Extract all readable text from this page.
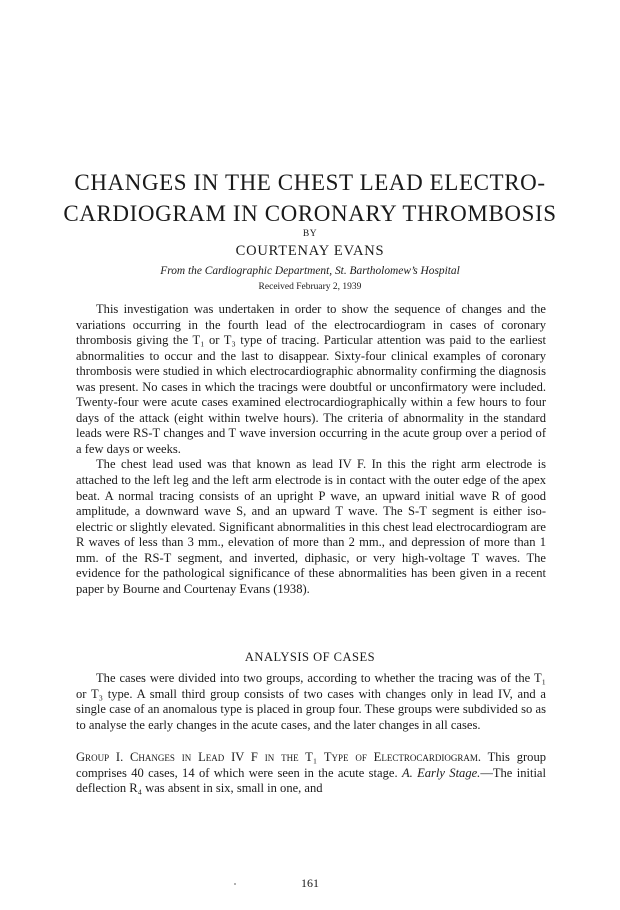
CHANGES IN THE CHEST LEAD ELECTRO-
CARDIOGRAM IN CORONARY THROMBOSIS
BY
COURTENAY EVANS
From the Cardiographic Department, St. Bartholomew’s Hospital
Received February 2, 1939

This investigation was undertaken in order to show the sequence of changes and the variations occurring in the fourth lead of the electrocardiogram in cases of coronary thrombosis giving the T₁ or T₃ type of tracing. Particular attention was paid to the earliest abnormalities to occur and the last to disappear. Sixty-four clinical examples of coronary thrombosis were studied in which electrocardiographic abnormality confirming the diagnosis was present. No cases in which the tracings were doubtful or unconfirmatory were included. Twenty-four were acute cases examined electrocardiographically within a few hours to four days of the attack (eight within twelve hours). The criteria of abnormality in the standard leads were RS-T changes and T wave inversion occurring in the acute group over a period of a few days or weeks.

The chest lead used was that known as lead IV F. In this the right arm electrode is attached to the left leg and the left arm electrode is in contact with the outer edge of the apex beat. A normal tracing consists of an upright P wave, an upward initial wave R of good amplitude, a downward wave S, and an upward T wave. The S-T segment is either iso-electric or slightly elevated. Significant abnormalities in this chest lead electrocardiogram are R waves of less than 3 mm., elevation of more than 2 mm., and depression of more than 1 mm. of the RS-T segment, and inverted, diphasic, or very high-voltage T waves. The evidence for the pathological significance of these abnormalities has been given in a recent paper by Bourne and Courtenay Evans (1938).

ANALYSIS OF CASES

The cases were divided into two groups, according to whether the tracing was of the T₁ or T₃ type. A small third group consists of two cases with changes only in lead IV, and a single case of an anomalous type is placed in group four. These groups were subdivided so as to analyse the early changes in the acute cases, and the later changes in all cases.

Group I. Changes in Lead IV F in the T₁ Type of Electrocardiogram. This group comprises 40 cases, 14 of which were seen in the acute stage. A. Early Stage.—The initial deflection R₄ was absent in six, small in one, and
161
